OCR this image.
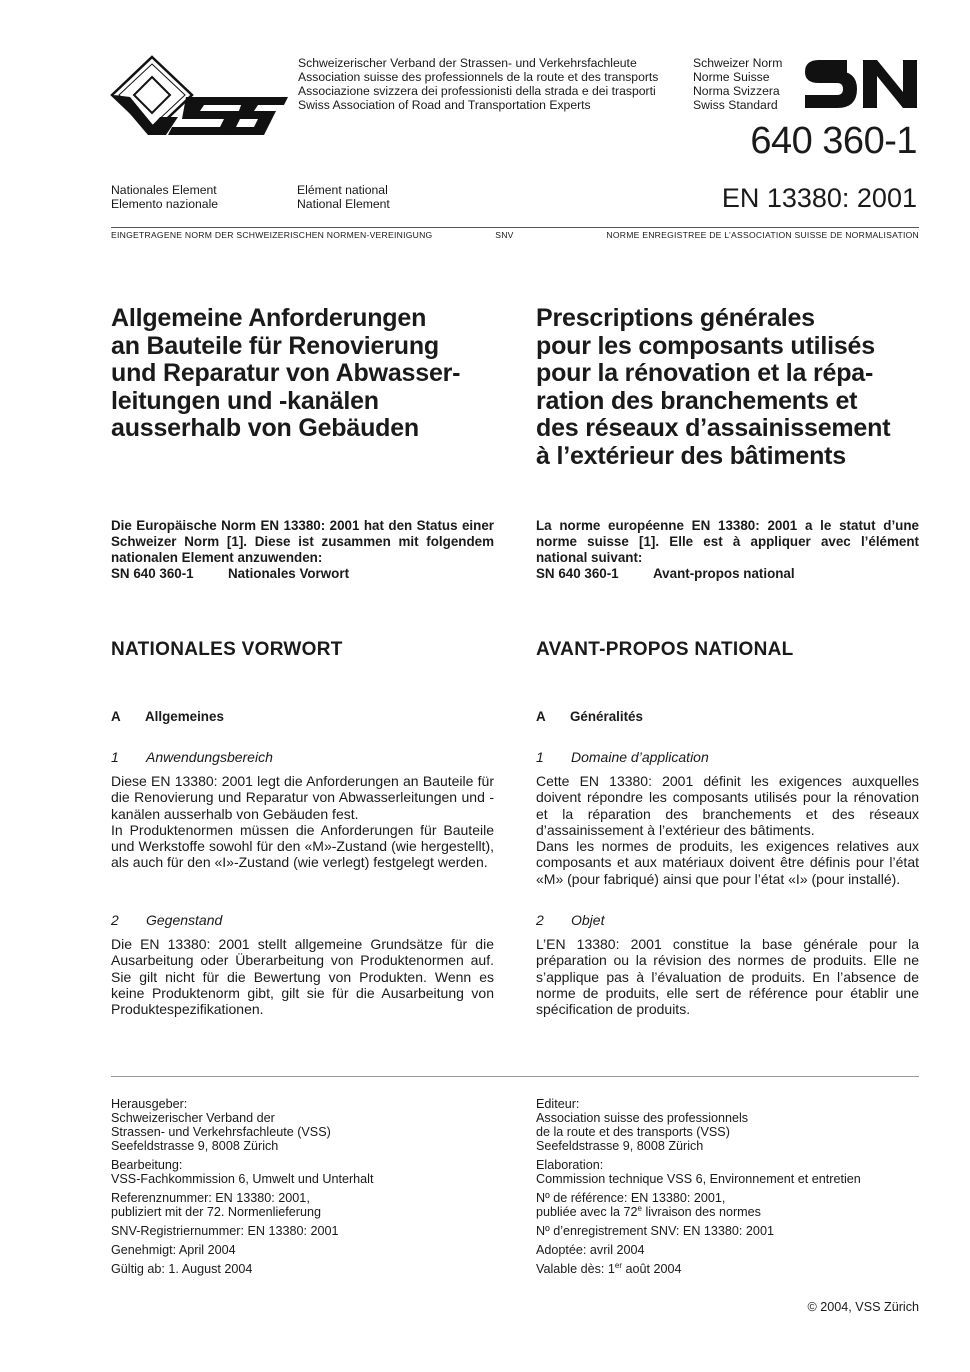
Schweizerischer Verband der Strassen- und Verkehrsfachleute
Association suisse des professionnels de la route et des transports
Associazione svizzera dei professionisti della strada e dei trasporti
Swiss Association of Road and Transportation Experts
Schweizer Norm
Norme Suisse
Norma Svizzera
Swiss Standard
640 360-1
EN 13380: 2001
Nationales Element
Elemento nazionale
Elément national
National Element
EINGETRAGENE NORM DER SCHWEIZERISCHEN NORMEN-VEREINIGUNG	SNV	NORME ENREGISTREE DE L’ASSOCIATION SUISSE DE NORMALISATION
Allgemeine Anforderungen
an Bauteile für Renovierung
und Reparatur von Abwasser-
leitungen und -kanälen
ausserhalb von Gebäuden
Prescriptions générales
pour les composants utilisés
pour la rénovation et la répa-
ration des branchements et
des réseaux d’assainissement
à l’extérieur des bâtiments
Die Europäische Norm EN 13380: 2001 hat den Status einer Schweizer Norm [1]. Diese ist zusammen mit folgendem nationalen Element anzuwenden:
SN 640 360-1	Nationales Vorwort
La norme européenne EN 13380: 2001 a le statut d’une norme suisse [1]. Elle est à appliquer avec l’élément national suivant:
SN 640 360-1	Avant-propos national
NATIONALES VORWORT	AVANT-PROPOS NATIONAL
A	Allgemeines	A	Généralités
1	Anwendungsbereich	1	Domaine d’application

Diese EN 13380: 2001 legt die Anforderungen an Bauteile für die Renovierung und Reparatur von Abwasserleitungen und -kanälen ausserhalb von Gebäuden fest.

In Produktenormen müssen die Anforderungen für Bauteile und Werkstoffe sowohl für den «M»-Zustand (wie hergestellt), als auch für den «I»-Zustand (wie verlegt) festgelegt werden.

Cette EN 13380: 2001 définit les exigences auxquelles doivent répondre les composants utilisés pour la rénovation et la réparation des branchements et des réseaux d’assainissement à l’extérieur des bâtiments.

Dans les normes de produits, les exigences relatives aux composants et aux matériaux doivent être définis pour l’état «M» (pour fabriqué) ainsi que pour l’état «I» (pour installé).

2	Gegenstand	2	Objet

Die EN 13380: 2001 stellt allgemeine Grundsätze für die Ausarbeitung oder Überarbeitung von Produktenormen auf. Sie gilt nicht für die Bewertung von Produkten. Wenn es keine Produktenorm gibt, gilt sie für die Ausarbeitung von Produktespezifikationen.

L’EN 13380: 2001 constitue la base générale pour la préparation ou la révision des normes de produits. Elle ne s’applique pas à l’évaluation de produits. En l’absence de norme de produits, elle sert de référence pour établir une spécification de produits.

Herausgeber:
Schweizerischer Verband der
Strassen- und Verkehrsfachleute (VSS)
Seefeldstrasse 9, 8008 Zürich
Bearbeitung:
VSS-Fachkommission 6, Umwelt und Unterhalt
Referenznummer: EN 13380: 2001,
publiziert mit der 72. Normenlieferung
SNV-Registriernummer: EN 13380: 2001
Genehmigt: April 2004
Gültig ab: 1. August 2004
Editeur:
Association suisse des professionnels
de la route et des transports (VSS)
Seefeldstrasse 9, 8008 Zürich
Elaboration:
Commission technique VSS 6, Environnement et entretien
Nº de référence: EN 13380: 2001,
publiée avec la 72e livraison des normes
Nº d’enregistrement SNV: EN 13380: 2001
Adoptée: avril 2004
Valable dès: 1er août 2004
© 2004, VSS Zürich
